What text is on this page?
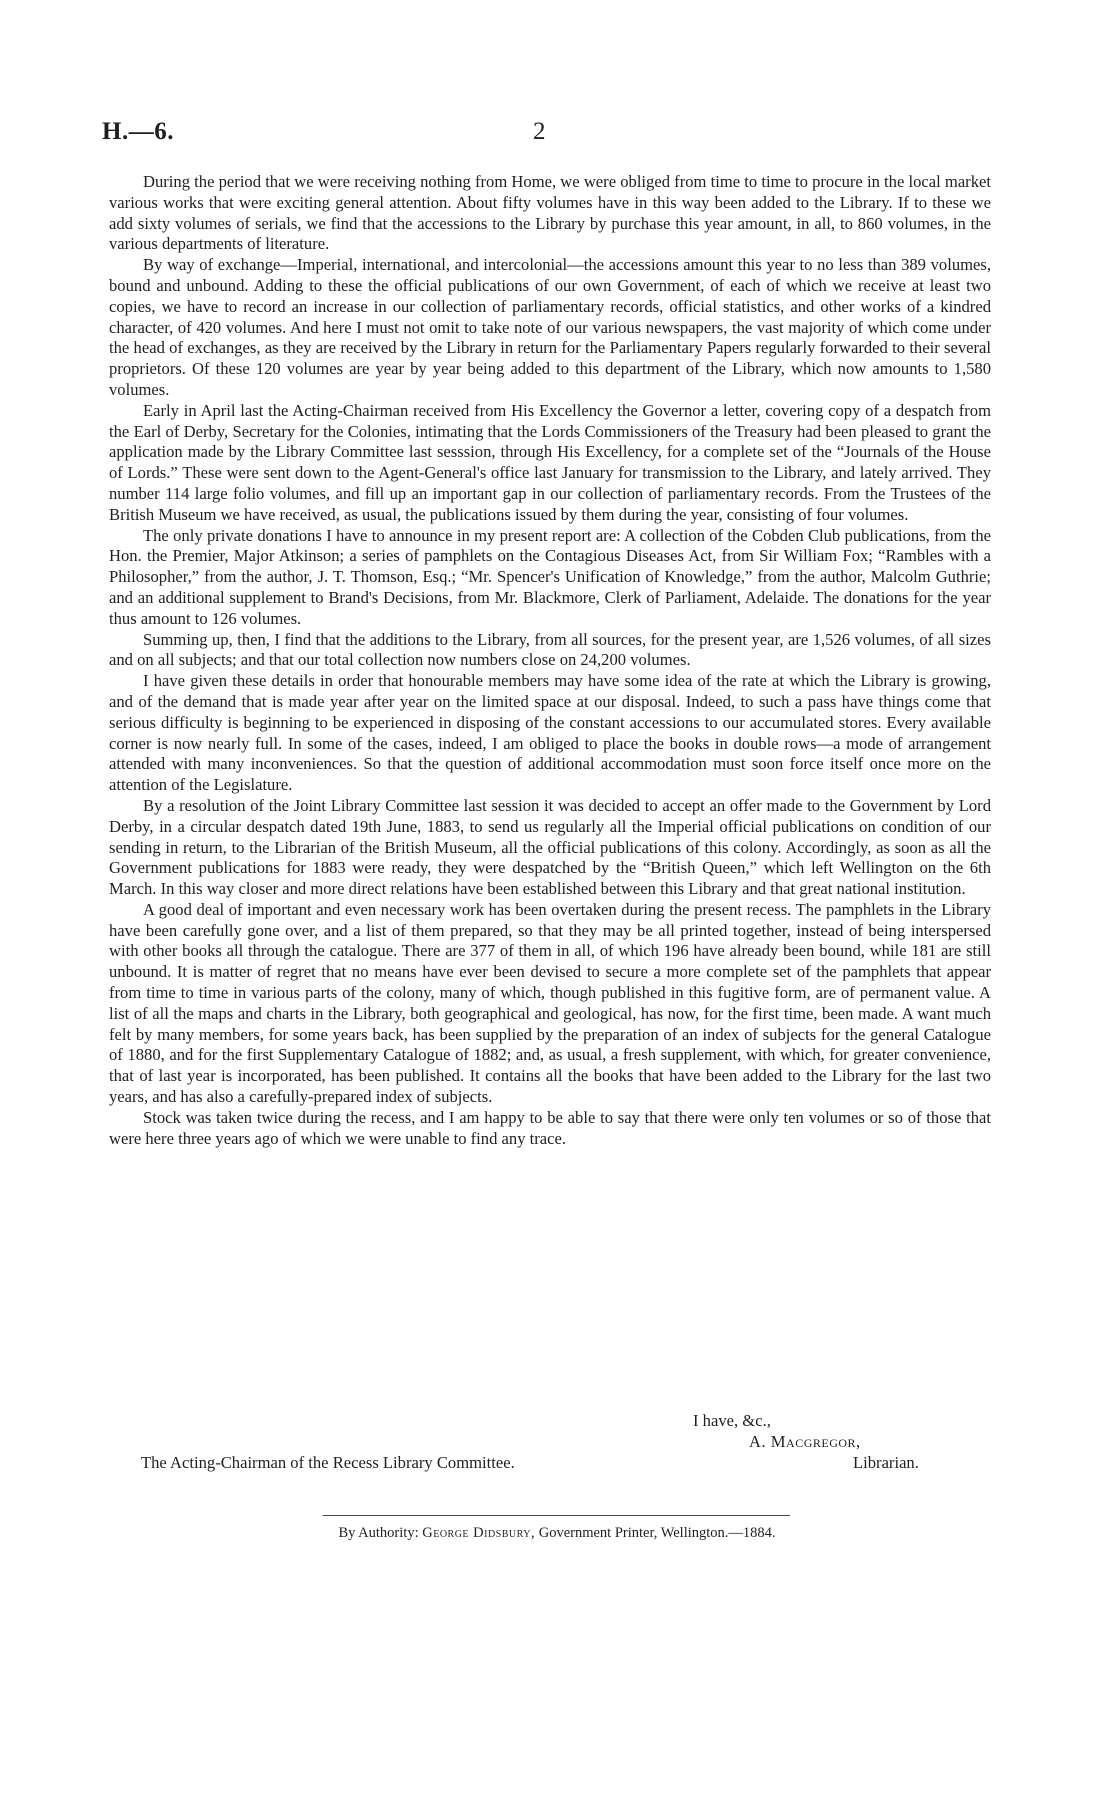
H.—6.	2

During the period that we were receiving nothing from Home, we were obliged from time to time to procure in the local market various works that were exciting general attention. About fifty volumes have in this way been added to the Library. If to these we add sixty volumes of serials, we find that the accessions to the Library by purchase this year amount, in all, to 860 volumes, in the various departments of literature.

By way of exchange—Imperial, international, and intercolonial—the accessions amount this year to no less than 389 volumes, bound and unbound. Adding to these the official publications of our own Government, of each of which we receive at least two copies, we have to record an increase in our collection of parliamentary records, official statistics, and other works of a kindred character, of 420 volumes. And here I must not omit to take note of our various newspapers, the vast majority of which come under the head of exchanges, as they are received by the Library in return for the Parliamentary Papers regularly forwarded to their several proprietors. Of these 120 volumes are year by year being added to this department of the Library, which now amounts to 1,580 volumes.

Early in April last the Acting-Chairman received from His Excellency the Governor a letter, covering copy of a despatch from the Earl of Derby, Secretary for the Colonies, intimating that the Lords Commissioners of the Treasury had been pleased to grant the application made by the Library Committee last sesssion, through His Excellency, for a complete set of the “Journals of the House of Lords.” These were sent down to the Agent-General's office last January for transmission to the Library, and lately arrived. They number 114 large folio volumes, and fill up an important gap in our collection of parliamentary records. From the Trustees of the British Museum we have received, as usual, the publications issued by them during the year, consisting of four volumes.

The only private donations I have to announce in my present report are: A collection of the Cobden Club publications, from the Hon. the Premier, Major Atkinson; a series of pamphlets on the Contagious Diseases Act, from Sir William Fox; “Rambles with a Philosopher,” from the author, J. T. Thomson, Esq.; “Mr. Spencer's Unification of Knowledge,” from the author, Malcolm Guthrie; and an additional supplement to Brand's Decisions, from Mr. Blackmore, Clerk of Parliament, Adelaide. The donations for the year thus amount to 126 volumes.

Summing up, then, I find that the additions to the Library, from all sources, for the present year, are 1,526 volumes, of all sizes and on all subjects; and that our total collection now numbers close on 24,200 volumes.

I have given these details in order that honourable members may have some idea of the rate at which the Library is growing, and of the demand that is made year after year on the limited space at our disposal. Indeed, to such a pass have things come that serious difficulty is beginning to be experienced in disposing of the constant accessions to our accumulated stores. Every available corner is now nearly full. In some of the cases, indeed, I am obliged to place the books in double rows—a mode of arrangement attended with many inconveniences. So that the question of additional accommodation must soon force itself once more on the attention of the Legislature.

By a resolution of the Joint Library Committee last session it was decided to accept an offer made to the Government by Lord Derby, in a circular despatch dated 19th June, 1883, to send us regularly all the Imperial official publications on condition of our sending in return, to the Librarian of the British Museum, all the official publications of this colony. Accordingly, as soon as all the Government publications for 1883 were ready, they were despatched by the “British Queen,” which left Wellington on the 6th March. In this way closer and more direct relations have been established between this Library and that great national institution.

A good deal of important and even necessary work has been overtaken during the present recess. The pamphlets in the Library have been carefully gone over, and a list of them prepared, so that they may be all printed together, instead of being interspersed with other books all through the catalogue. There are 377 of them in all, of which 196 have already been bound, while 181 are still unbound. It is matter of regret that no means have ever been devised to secure a more complete set of the pamphlets that appear from time to time in various parts of the colony, many of which, though published in this fugitive form, are of permanent value. A list of all the maps and charts in the Library, both geographical and geological, has now, for the first time, been made. A want much felt by many members, for some years back, has been supplied by the preparation of an index of subjects for the general Catalogue of 1880, and for the first Supplementary Catalogue of 1882; and, as usual, a fresh supplement, with which, for greater convenience, that of last year is incorporated, has been published. It contains all the books that have been added to the Library for the last two years, and has also a carefully-prepared index of subjects.

Stock was taken twice during the recess, and I am happy to be able to say that there were only ten volumes or so of those that were here three years ago of which we were unable to find any trace.

I have, &c.,
A. Macgregor,
The Acting-Chairman of the Recess Library Committee.	Librarian.
By Authority: George Didsbury, Government Printer, Wellington.—1884.
